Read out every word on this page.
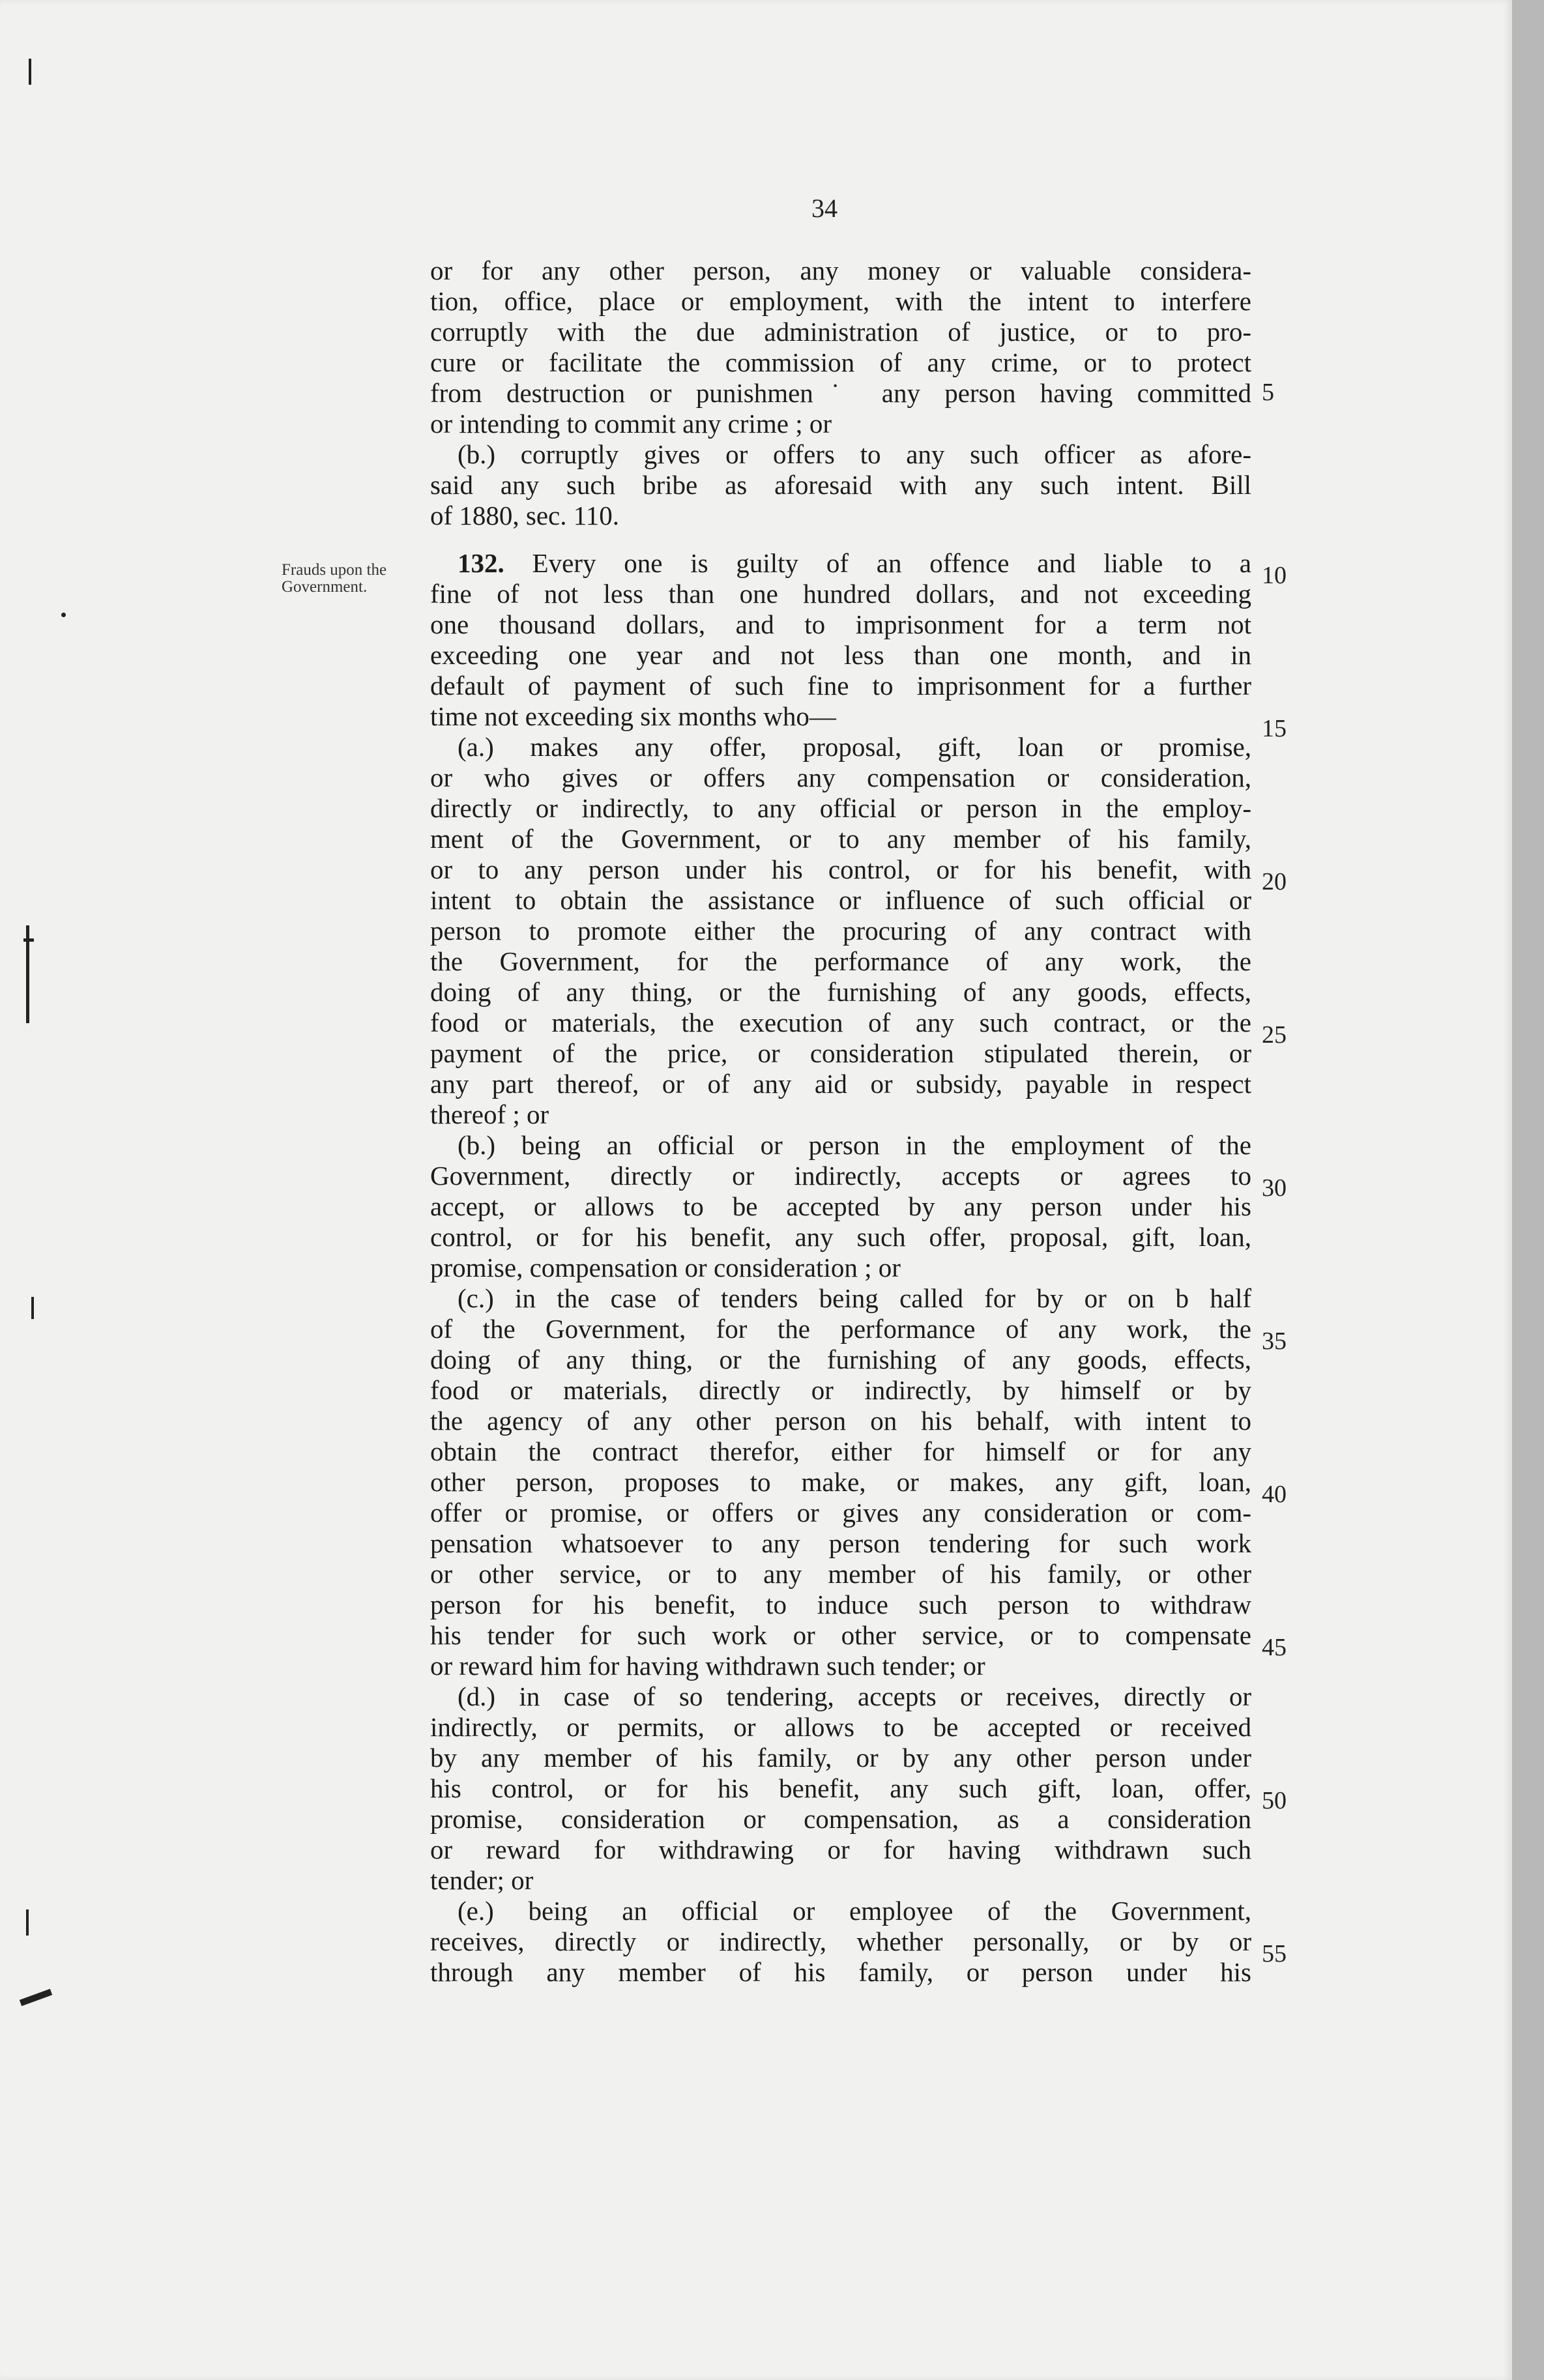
34
Frauds upon the Government.
or for any other person, any money or valuable considera-
tion, office, place or employment, with the intent to interfere
corruptly with the due administration of justice, or to pro-
cure or facilitate the commission of any crime, or to protect
from destruction or punishmen˙ any person having committed
or intending to commit any crime ; or
(b.) corruptly gives or offers to any such officer as afore-
said any such bribe as aforesaid with any such intent. Bill
of 1880, sec. 110.
132. Every one is guilty of an offence and liable to a
fine of not less than one hundred dollars, and not exceeding
one thousand dollars, and to imprisonment for a term not
exceeding one year and not less than one month, and in
default of payment of such fine to imprisonment for a further
time not exceeding six months who—
(a.) makes any offer, proposal, gift, loan or promise,
or who gives or offers any compensation or consideration,
directly or indirectly, to any official or person in the employ-
ment of the Government, or to any member of his family,
or to any person under his control, or for his benefit, with
intent to obtain the assistance or influence of such official or
person to promote either the procuring of any contract with
the Government, for the performance of any work, the
doing of any thing, or the furnishing of any goods, effects,
food or materials, the execution of any such contract, or the
payment of the price, or consideration stipulated therein, or
any part thereof, or of any aid or subsidy, payable in respect
thereof ; or
(b.) being an official or person in the employment of the
Government, directly or indirectly, accepts or agrees to
accept, or allows to be accepted by any person under his
control, or for his benefit, any such offer, proposal, gift, loan,
promise, compensation or consideration ; or
(c.) in the case of tenders being called for by or on b half
of the Government, for the performance of any work, the
doing of any thing, or the furnishing of any goods, effects,
food or materials, directly or indirectly, by himself or by
the agency of any other person on his behalf, with intent to
obtain the contract therefor, either for himself or for any
other person, proposes to make, or makes, any gift, loan,
offer or promise, or offers or gives any consideration or com-
pensation whatsoever to any person tendering for such work
or other service, or to any member of his family, or other
person for his benefit, to induce such person to withdraw
his tender for such work or other service, or to compensate
or reward him for having withdrawn such tender; or
(d.) in case of so tendering, accepts or receives, directly or
indirectly, or permits, or allows to be accepted or received
by any member of his family, or by any other person under
his control, or for his benefit, any such gift, loan, offer,
promise, consideration or compensation, as a consideration
or reward for withdrawing or for having withdrawn such
tender; or
(e.) being an official or employee of the Government,
receives, directly or indirectly, whether personally, or by or
through any member of his family, or person under his
5
10
15
20
25
30
35
40
45
50
55
